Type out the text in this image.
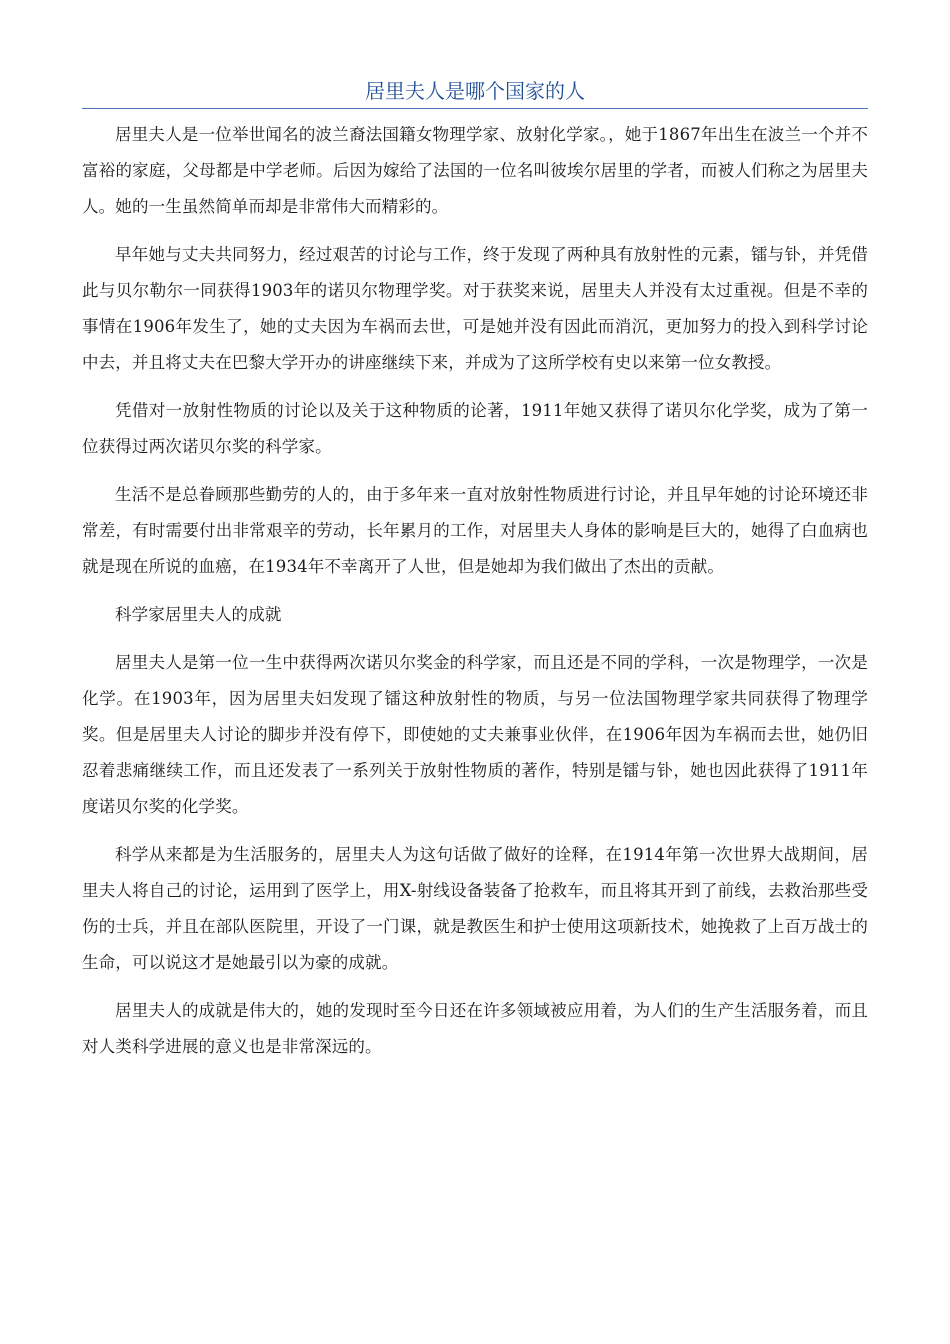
居里夫人是哪个国家的人

居里夫人是一位举世闻名的波兰裔法国籍女物理学家、放射化学家。，她于1867年出生在波兰一个并不富裕的家庭，父母都是中学老师。后因为嫁给了法国的一位名叫彼埃尔居里的学者，而被人们称之为居里夫人。她的一生虽然简单而却是非常伟大而精彩的。

早年她与丈夫共同努力，经过艰苦的讨论与工作，终于发现了两种具有放射性的元素，镭与钋，并凭借此与贝尔勒尔一同获得1903年的诺贝尔物理学奖。对于获奖来说，居里夫人并没有太过重视。但是不幸的事情在1906年发生了，她的丈夫因为车祸而去世，可是她并没有因此而消沉，更加努力的投入到科学讨论中去，并且将丈夫在巴黎大学开办的讲座继续下来，并成为了这所学校有史以来第一位女教授。

凭借对一放射性物质的讨论以及关于这种物质的论著，1911年她又获得了诺贝尔化学奖，成为了第一位获得过两次诺贝尔奖的科学家。

生活不是总眷顾那些勤劳的人的，由于多年来一直对放射性物质进行讨论，并且早年她的讨论环境还非常差，有时需要付出非常艰辛的劳动，长年累月的工作，对居里夫人身体的影响是巨大的，她得了白血病也就是现在所说的血癌，在1934年不幸离开了人世，但是她却为我们做出了杰出的贡献。

科学家居里夫人的成就

居里夫人是第一位一生中获得两次诺贝尔奖金的科学家，而且还是不同的学科，一次是物理学，一次是化学。在1903年，因为居里夫妇发现了镭这种放射性的物质，与另一位法国物理学家共同获得了物理学奖。但是居里夫人讨论的脚步并没有停下，即使她的丈夫兼事业伙伴，在1906年因为车祸而去世，她仍旧忍着悲痛继续工作，而且还发表了一系列关于放射性物质的著作，特别是镭与钋，她也因此获得了1911年度诺贝尔奖的化学奖。

科学从来都是为生活服务的，居里夫人为这句话做了做好的诠释，在1914年第一次世界大战期间，居里夫人将自己的讨论，运用到了医学上，用X-射线设备装备了抢救车，而且将其开到了前线，去救治那些受伤的士兵，并且在部队医院里，开设了一门课，就是教医生和护士使用这项新技术，她挽救了上百万战士的生命，可以说这才是她最引以为豪的成就。

居里夫人的成就是伟大的，她的发现时至今日还在许多领域被应用着，为人们的生产生活服务着，而且对人类科学进展的意义也是非常深远的。
